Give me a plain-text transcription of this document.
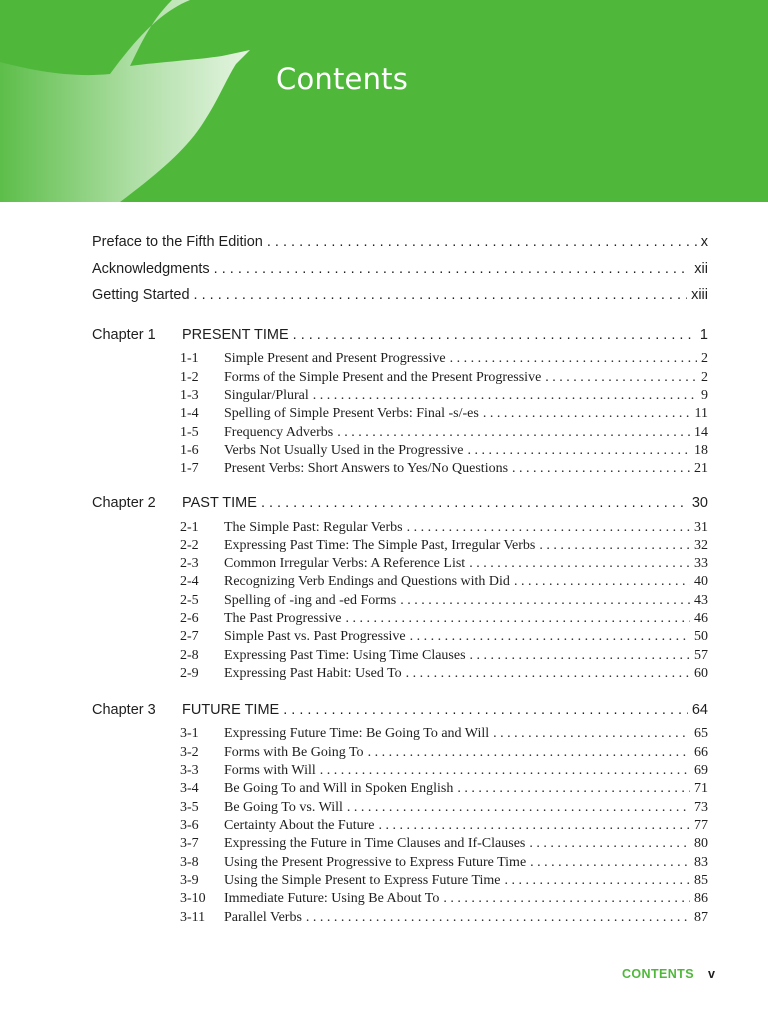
Contents
Preface to the Fifth Edition . . .	x
Acknowledgments . . .	xii
Getting Started . . .	xiii
Chapter 1	PRESENT TIME . . .	1
1-1	Simple Present and Present Progressive . . .	2
1-2	Forms of the Simple Present and the Present Progressive . . .	2
1-3	Singular/Plural . . .	9
1-4	Spelling of Simple Present Verbs: Final -s/-es . . .	11
1-5	Frequency Adverbs . . .	14
1-6	Verbs Not Usually Used in the Progressive . . .	18
1-7	Present Verbs: Short Answers to Yes/No Questions . . .	21
Chapter 2	PAST TIME . . .	30
2-1	The Simple Past: Regular Verbs . . .	31
2-2	Expressing Past Time: The Simple Past, Irregular Verbs . . .	32
2-3	Common Irregular Verbs: A Reference List . . .	33
2-4	Recognizing Verb Endings and Questions with Did . . .	40
2-5	Spelling of -ing and -ed Forms . . .	43
2-6	The Past Progressive . . .	46
2-7	Simple Past vs. Past Progressive . . .	50
2-8	Expressing Past Time: Using Time Clauses . . .	57
2-9	Expressing Past Habit: Used To . . .	60
Chapter 3	FUTURE TIME . . .	64
3-1	Expressing Future Time: Be Going To and Will . . .	65
3-2	Forms with Be Going To . . .	66
3-3	Forms with Will . . .	69
3-4	Be Going To and Will in Spoken English . . .	71
3-5	Be Going To vs. Will . . .	73
3-6	Certainty About the Future . . .	77
3-7	Expressing the Future in Time Clauses and If-Clauses . . .	80
3-8	Using the Present Progressive to Express Future Time . . .	83
3-9	Using the Simple Present to Express Future Time . . .	85
3-10	Immediate Future: Using Be About To . . .	86
3-11	Parallel Verbs . . .	87
CONTENTS v
